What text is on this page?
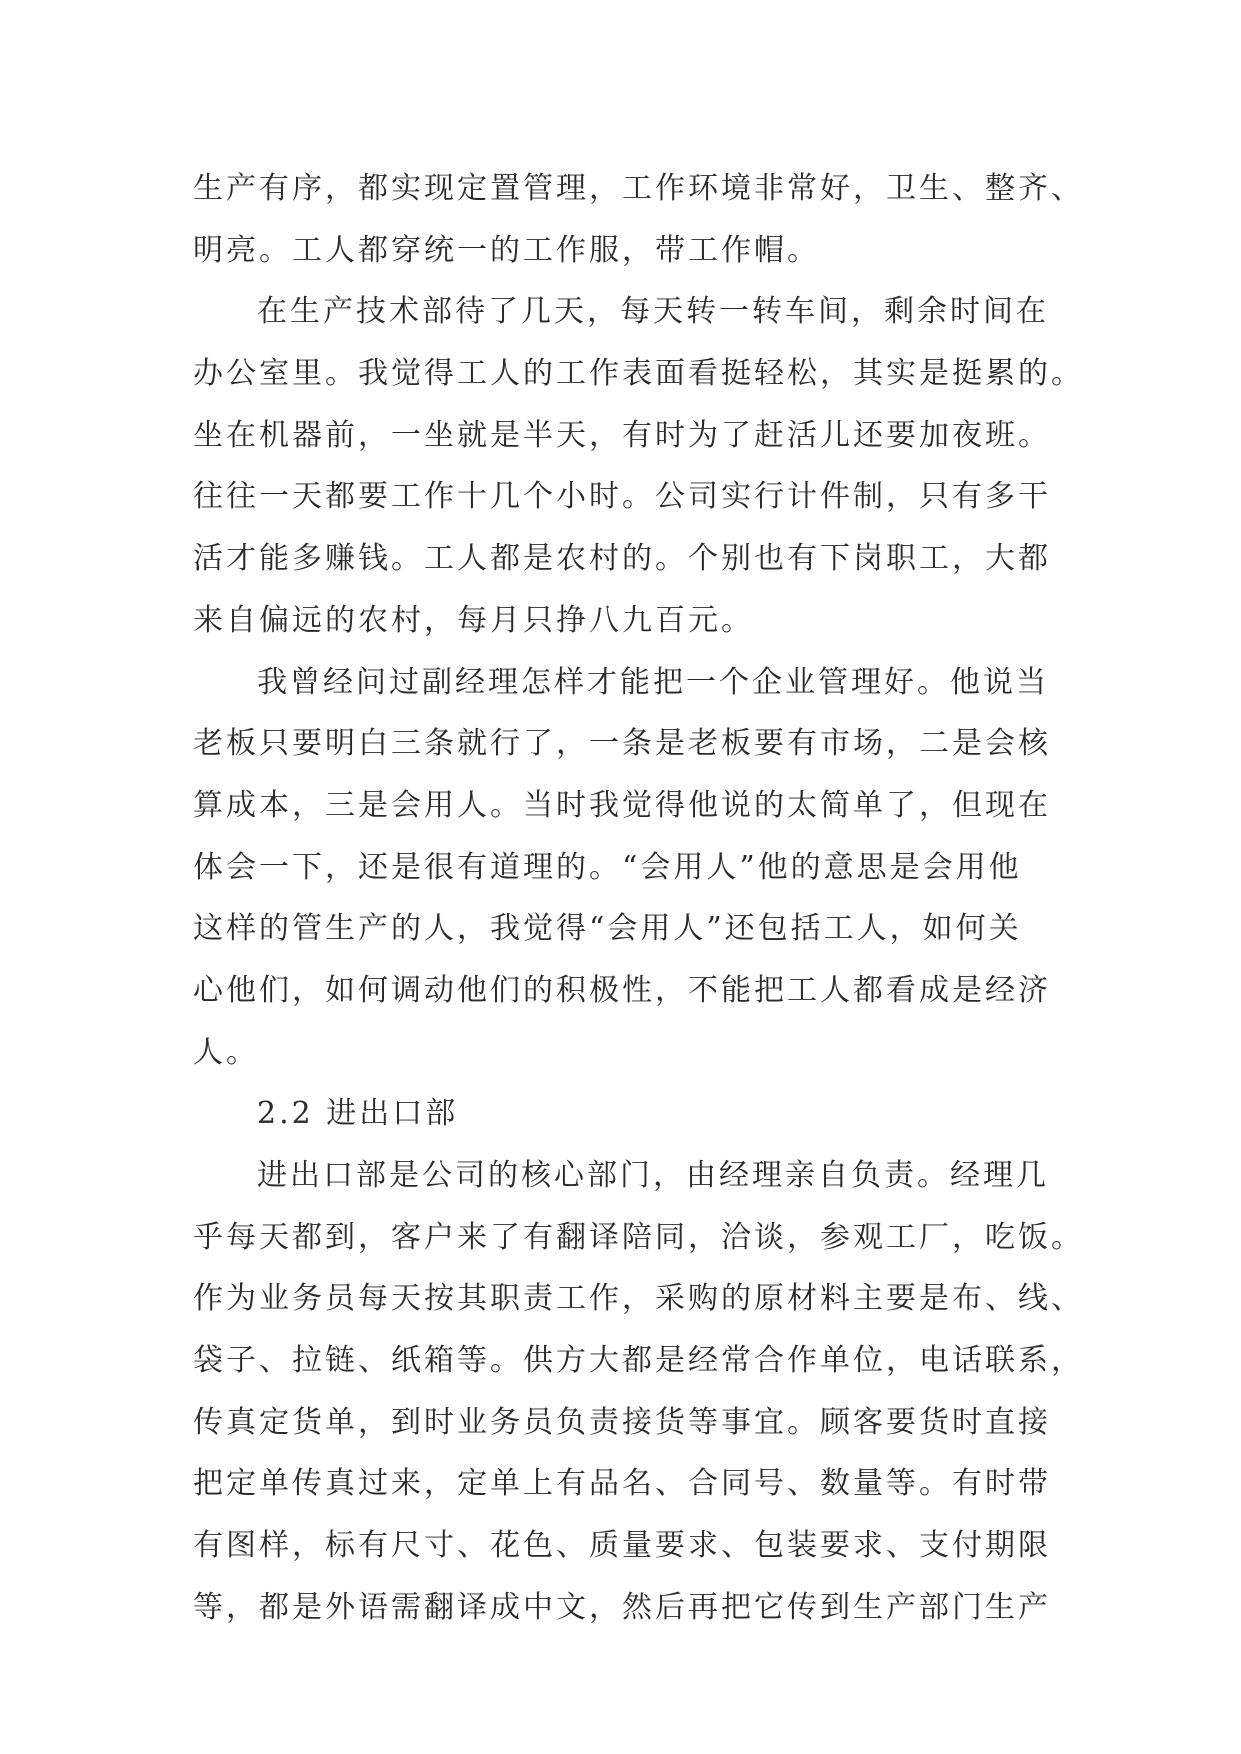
生产有序，都实现定置管理，工作环境非常好，卫生、整齐、
明亮。工人都穿统一的工作服，带工作帽。
在生产技术部待了几天，每天转一转车间，剩余时间在
办公室里。我觉得工人的工作表面看挺轻松，其实是挺累的。
坐在机器前，一坐就是半天，有时为了赶活儿还要加夜班。
往往一天都要工作十几个小时。公司实行计件制，只有多干
活才能多赚钱。工人都是农村的。个别也有下岗职工，大都
来自偏远的农村，每月只挣八九百元。
我曾经问过副经理怎样才能把一个企业管理好。他说当
老板只要明白三条就行了，一条是老板要有市场，二是会核
算成本，三是会用人。当时我觉得他说的太简单了，但现在
体会一下，还是很有道理的。“会用人”他的意思是会用他
这样的管生产的人，我觉得“会用人”还包括工人，如何关
心他们，如何调动他们的积极性，不能把工人都看成是经济
人。
2.2 进出口部
进出口部是公司的核心部门，由经理亲自负责。经理几
乎每天都到，客户来了有翻译陪同，洽谈，参观工厂，吃饭。
作为业务员每天按其职责工作，采购的原材料主要是布、线、
袋子、拉链、纸箱等。供方大都是经常合作单位，电话联系，
传真定货单，到时业务员负责接货等事宜。顾客要货时直接
把定单传真过来，定单上有品名、合同号、数量等。有时带
有图样，标有尺寸、花色、质量要求、包装要求、支付期限
等，都是外语需翻译成中文，然后再把它传到生产部门生产
